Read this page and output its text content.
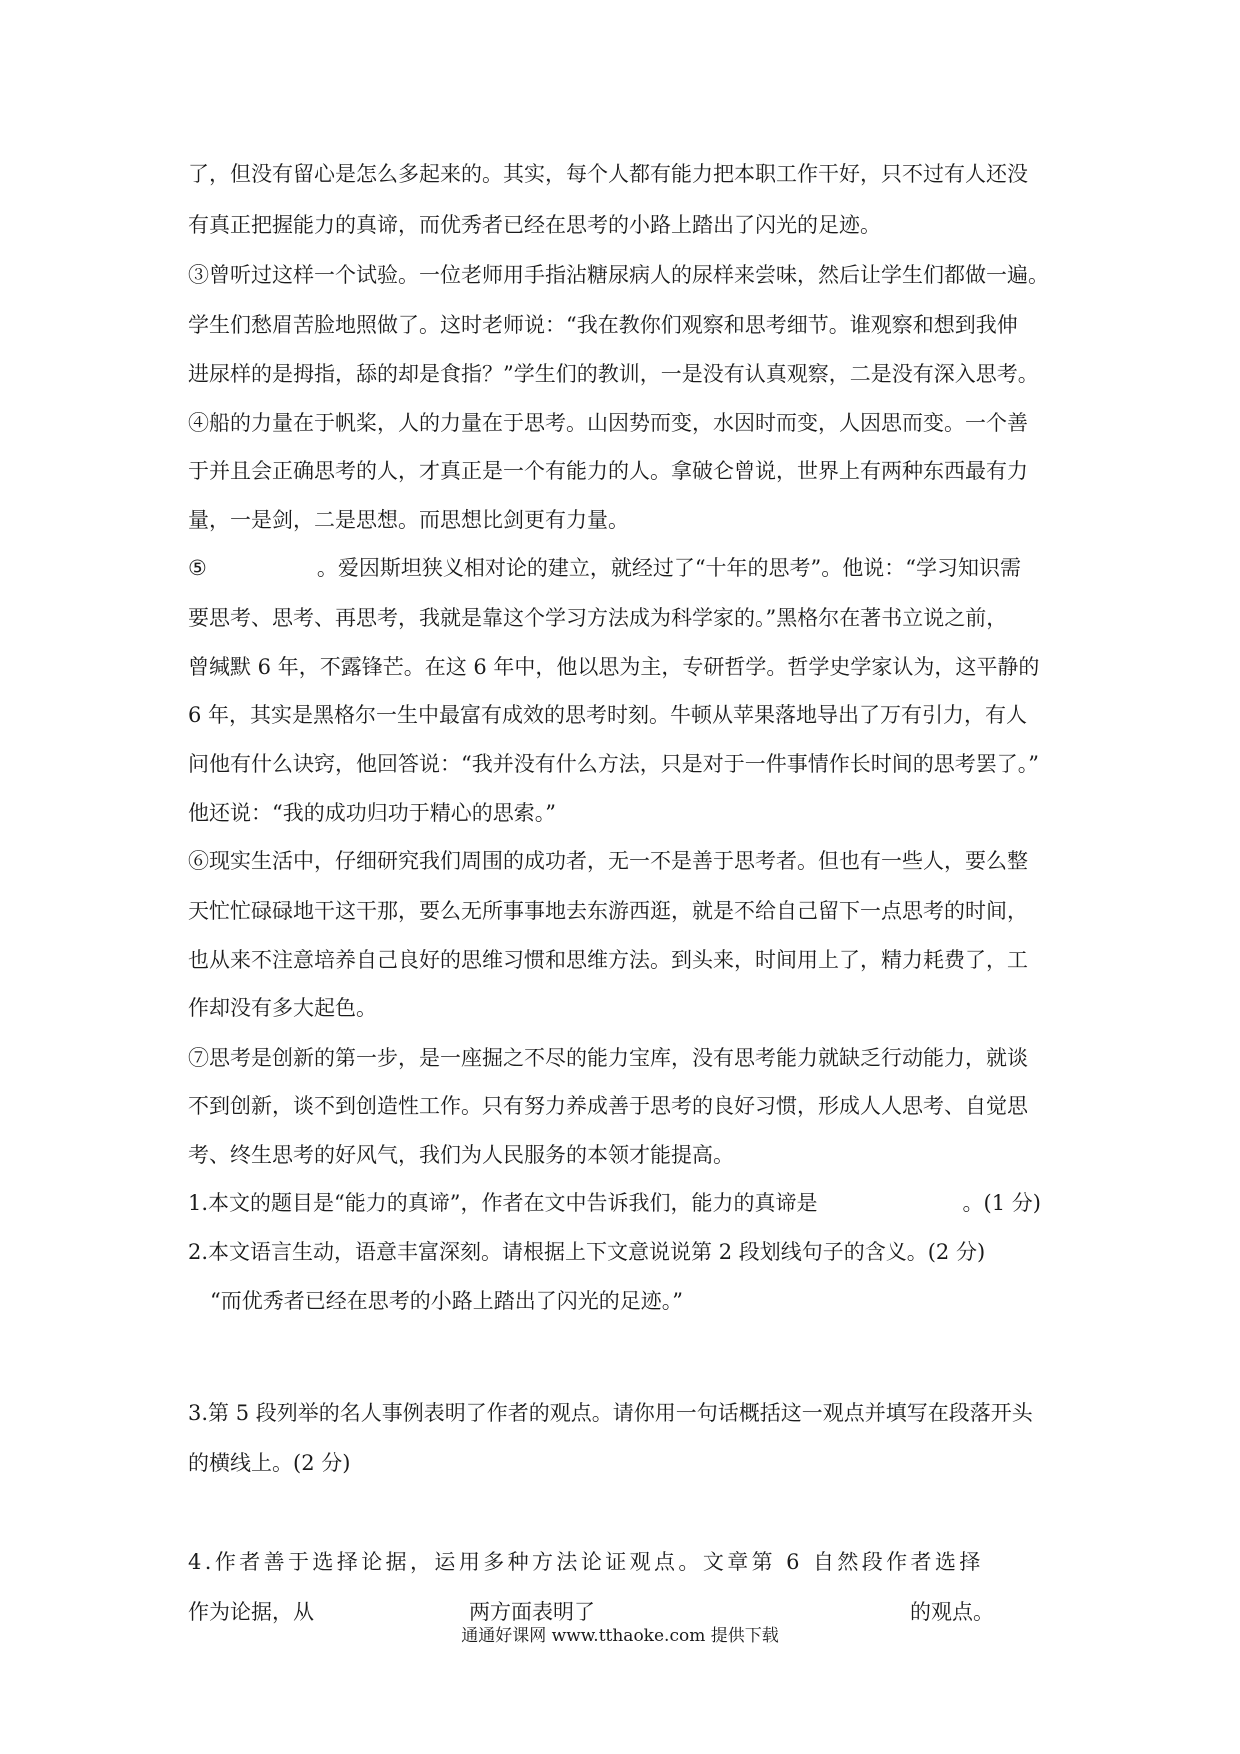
了，但没有留心是怎么多起来的。其实，每个人都有能力把本职工作干好，只不过有人还没
有真正把握能力的真谛，而优秀者已经在思考的小路上踏出了闪光的足迹。
③曾听过这样一个试验。一位老师用手指沾糖尿病人的尿样来尝味，然后让学生们都做一遍。
学生们愁眉苦脸地照做了。这时老师说：“我在教你们观察和思考细节。谁观察和想到我伸
进尿样的是拇指，舔的却是食指？”学生们的教训，一是没有认真观察，二是没有深入思考。
④船的力量在于帆桨，人的力量在于思考。山因势而变，水因时而变，人因思而变。一个善
于并且会正确思考的人，才真正是一个有能力的人。拿破仑曾说，世界上有两种东西最有力
量，一是剑，二是思想。而思想比剑更有力量。
⑤	。爱因斯坦狭义相对论的建立，就经过了“十年的思考”。他说：“学习知识需
要思考、思考、再思考，我就是靠这个学习方法成为科学家的。”黑格尔在著书立说之前，
曾缄默 6 年，不露锋芒。在这 6 年中，他以思为主，专研哲学。哲学史学家认为，这平静的
6 年，其实是黑格尔一生中最富有成效的思考时刻。牛顿从苹果落地导出了万有引力，有人
问他有什么诀窍，他回答说：“我并没有什么方法，只是对于一件事情作长时间的思考罢了。”
他还说：“我的成功归功于精心的思索。”
⑥现实生活中，仔细研究我们周围的成功者，无一不是善于思考者。但也有一些人，要么整
天忙忙碌碌地干这干那，要么无所事事地去东游西逛，就是不给自己留下一点思考的时间，
也从来不注意培养自己良好的思维习惯和思维方法。到头来，时间用上了，精力耗费了，工
作却没有多大起色。
⑦思考是创新的第一步，是一座掘之不尽的能力宝库，没有思考能力就缺乏行动能力，就谈
不到创新，谈不到创造性工作。只有努力养成善于思考的良好习惯，形成人人思考、自觉思
考、终生思考的好风气，我们为人民服务的本领才能提高。
1.本文的题目是“能力的真谛”，作者在文中告诉我们，能力的真谛是	。(1 分)
2.本文语言生动，语意丰富深刻。请根据上下文意说说第 2 段划线句子的含义。(2 分)
“而优秀者已经在思考的小路上踏出了闪光的足迹。”
3.第 5 段列举的名人事例表明了作者的观点。请你用一句话概括这一观点并填写在段落开头
的横线上。(2 分)
4.作者善于选择论据，运用多种方法论证观点。文章第 6 自然段作者选择
作为论据，从	两方面表明了	的观点。
通通好课网 www.tthaoke.com 提供下载
